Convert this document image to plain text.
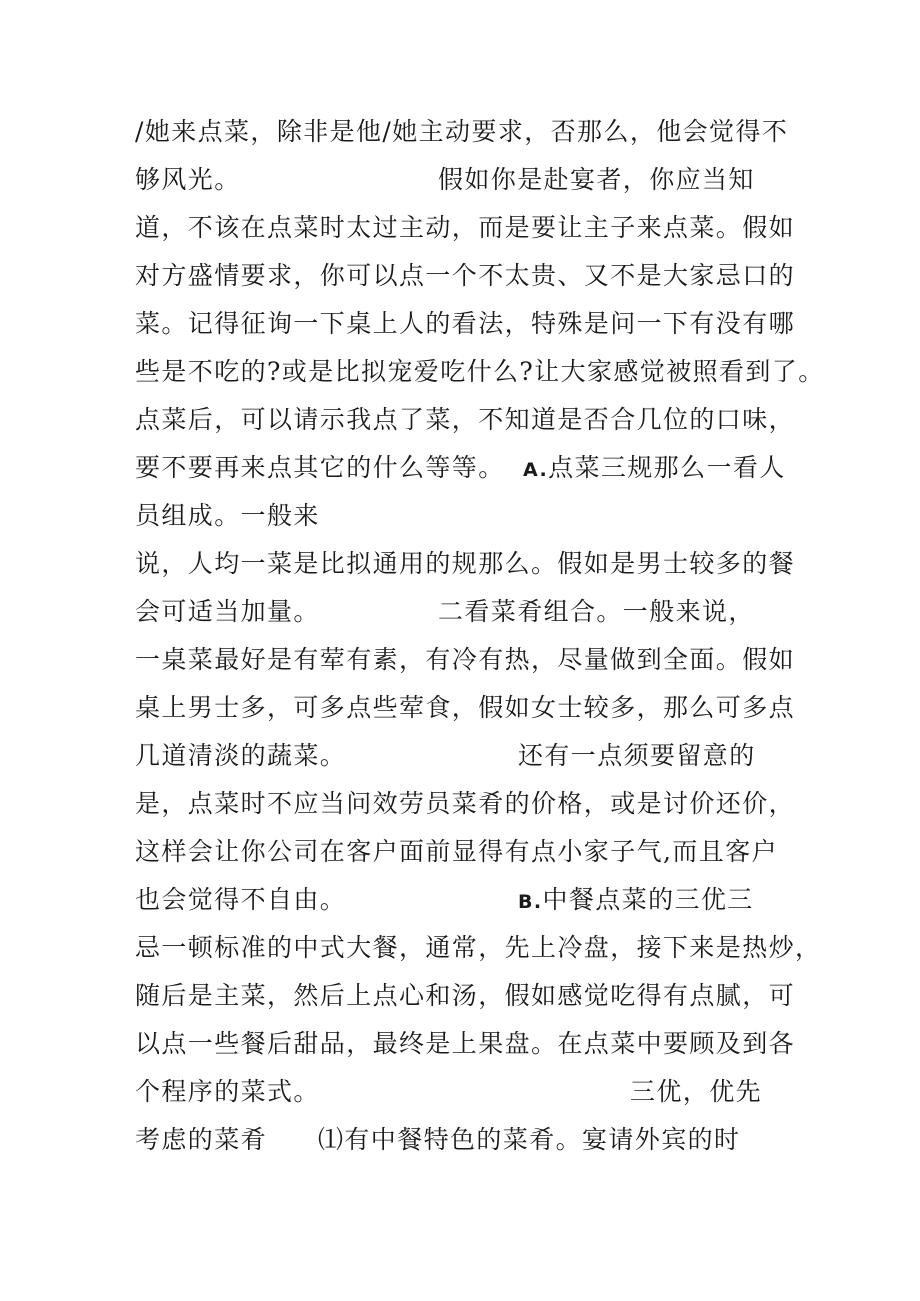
/她来点菜，除非是他/她主动要求，否那么，他会觉得不
够风光。	假如你是赴宴者，你应当知
道，不该在点菜时太过主动，而是要让主子来点菜。假如
对方盛情要求，你可以点一个不太贵、又不是大家忌口的
菜。记得征询一下桌上人的看法，特殊是问一下有没有哪
些是不吃的?或是比拟宠爱吃什么?让大家感觉被照看到了。
点菜后，可以请示我点了菜，不知道是否合几位的口味，
要不要再来点其它的什么等等。 A.点菜三规那么一看人
员组成。一般来
说，人均一菜是比拟通用的规那么。假如是男士较多的餐
会可适当加量。	二看菜肴组合。一般来说，
一桌菜最好是有荤有素，有冷有热，尽量做到全面。假如
桌上男士多，可多点些荤食，假如女士较多，那么可多点
几道清淡的蔬菜。	还有一点须要留意的
是，点菜时不应当问效劳员菜肴的价格，或是讨价还价，
这样会让你公司在客户面前显得有点小家子气,而且客户
也会觉得不自由。	B.中餐点菜的三优三
忌一顿标准的中式大餐，通常，先上冷盘，接下来是热炒，
随后是主菜，然后上点心和汤，假如感觉吃得有点腻，可
以点一些餐后甜品，最终是上果盘。在点菜中要顾及到各
个程序的菜式。	三优，优先
考虑的菜肴 ⑴有中餐特色的菜肴。宴请外宾的时
